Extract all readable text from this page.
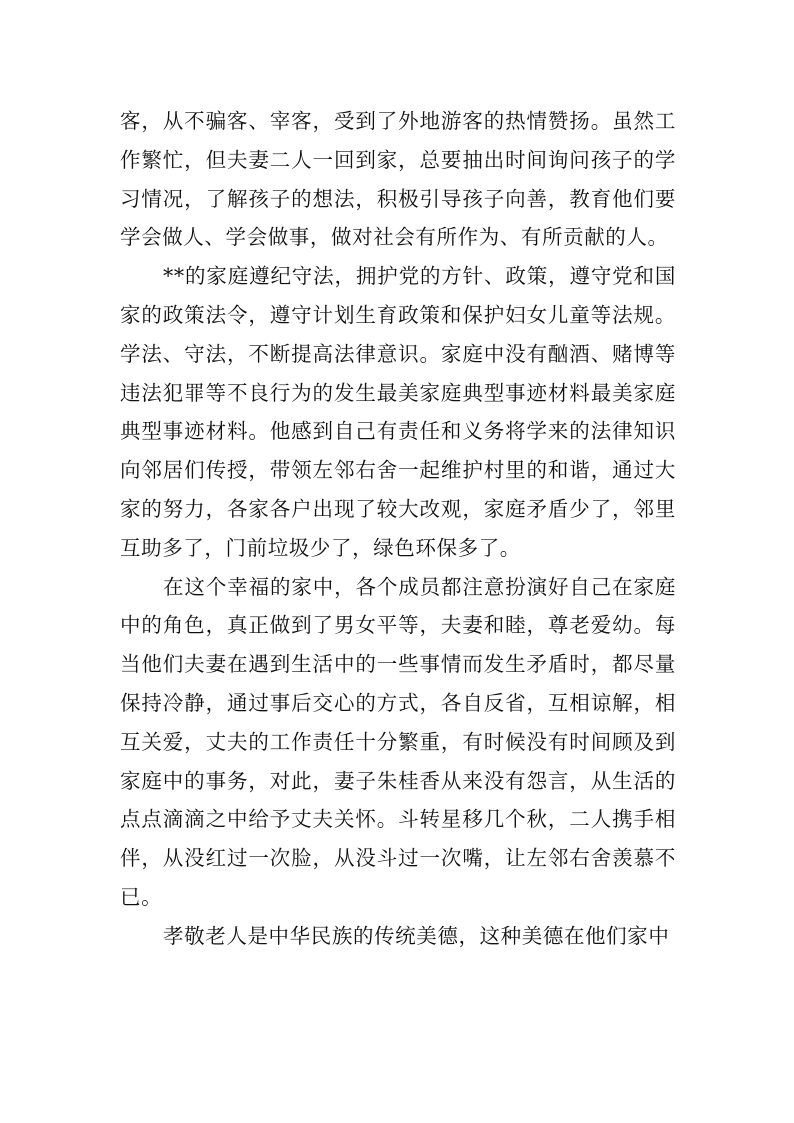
客，从不骗客、宰客，受到了外地游客的热情赞扬。虽然工作繁忙，但夫妻二人一回到家，总要抽出时间询问孩子的学习情况，了解孩子的想法，积极引导孩子向善，教育他们要学会做人、学会做事，做对社会有所作为、有所贡献的人。

**的家庭遵纪守法，拥护党的方针、政策，遵守党和国家的政策法令，遵守计划生育政策和保护妇女儿童等法规。学法、守法，不断提高法律意识。家庭中没有酗酒、赌博等违法犯罪等不良行为的发生最美家庭典型事迹材料最美家庭典型事迹材料。他感到自己有责任和义务将学来的法律知识向邻居们传授，带领左邻右舍一起维护村里的和谐，通过大家的努力，各家各户出现了较大改观，家庭矛盾少了，邻里互助多了，门前垃圾少了，绿色环保多了。

在这个幸福的家中，各个成员都注意扮演好自己在家庭中的角色，真正做到了男女平等，夫妻和睦，尊老爱幼。每当他们夫妻在遇到生活中的一些事情而发生矛盾时，都尽量保持冷静，通过事后交心的方式，各自反省，互相谅解，相互关爱，丈夫的工作责任十分繁重，有时候没有时间顾及到家庭中的事务，对此，妻子朱桂香从来没有怨言，从生活的点点滴滴之中给予丈夫关怀。斗转星移几个秋，二人携手相伴，从没红过一次脸，从没斗过一次嘴，让左邻右舍羡慕不已。

孝敬老人是中华民族的传统美德，这种美德在他们家中
